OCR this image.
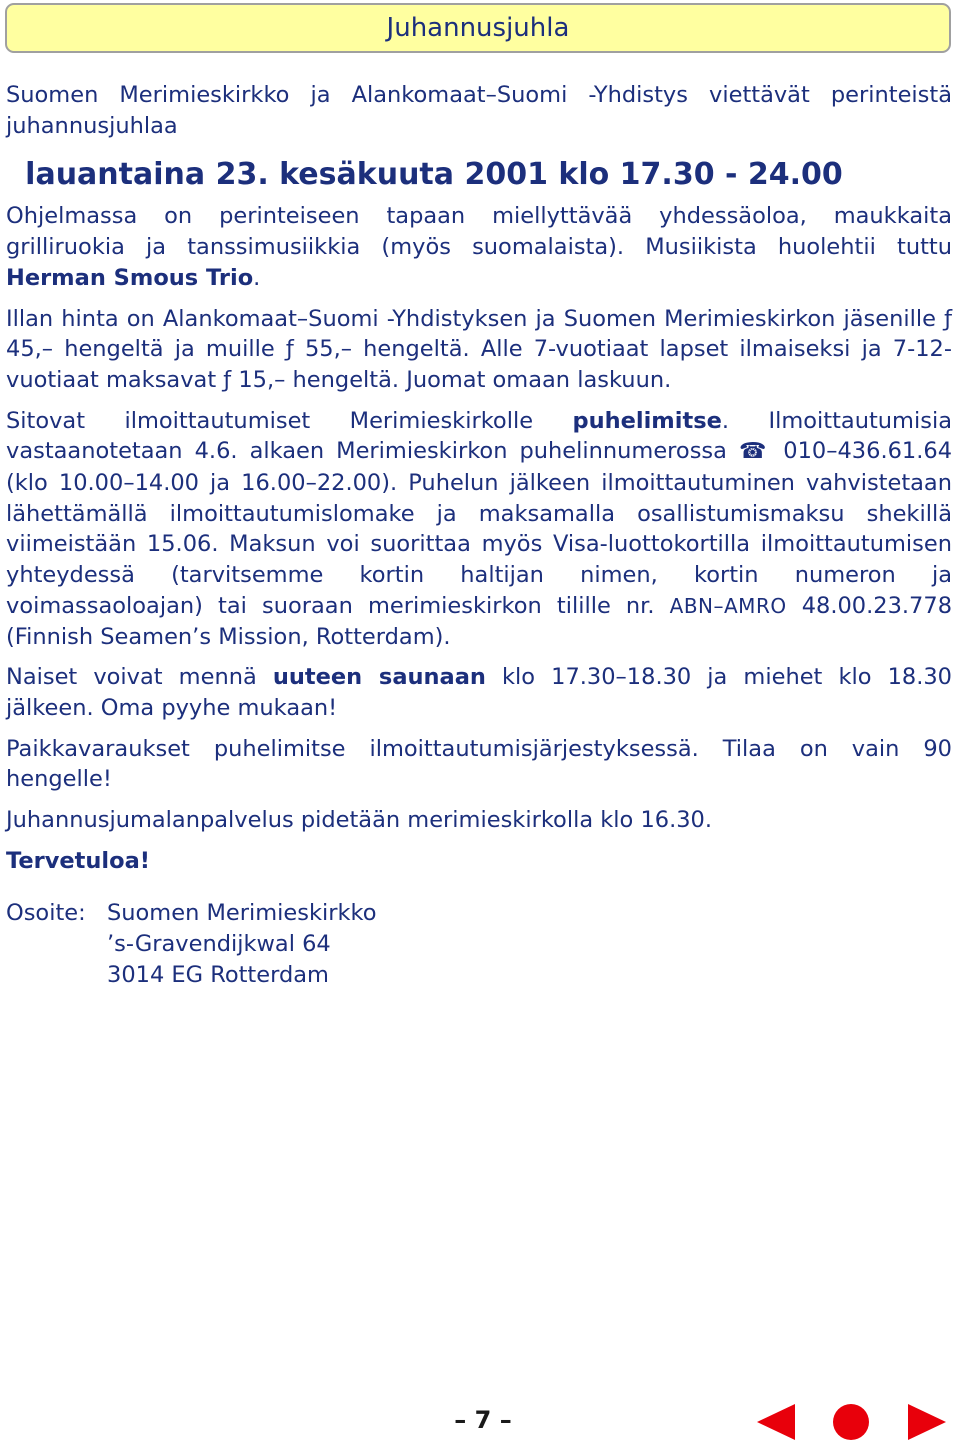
Juhannusjuhla

Suomen Merimieskirkko ja Alankomaat–Suomi -Yhdistys viettävät perinteistä juhannusjuhlaa

lauantaina 23. kesäkuuta 2001 klo 17.30 - 24.00

Ohjelmassa on perinteiseen tapaan miellyttävää yhdessäoloa, maukkaita grilliruokia ja tanssimusiikkia (myös suomalaista). Musiikista huolehtii tuttu Herman Smous Trio.

Illan hinta on Alankomaat–Suomi -Yhdistyksen ja Suomen Merimieskirkon jäsenille ƒ 45,– hengeltä ja muille ƒ 55,– hengeltä. Alle 7-vuotiaat lapset ilmaiseksi ja 7-12-vuotiaat maksavat ƒ 15,– hengeltä. Juomat omaan laskuun.

Sitovat ilmoittautumiset Merimieskirkolle puhelimitse. Ilmoittautumisia vastaanotetaan 4.6. alkaen Merimieskirkon puhelinnumerossa ☎ 010–436.61.64 (klo 10.00–14.00 ja 16.00–22.00). Puhelun jälkeen ilmoittautuminen vahvistetaan lähettämällä ilmoittautumislomake ja maksamalla osallistumismaksu shekillä viimeistään 15.06. Maksun voi suorittaa myös Visa-luottokortilla ilmoittautumisen yhteydessä (tarvitsemme kortin haltijan nimen, kortin numeron ja voimassaoloajan) tai suoraan merimieskirkon tilille nr. ABN–AMRO 48.00.23.778 (Finnish Seamen’s Mission, Rotterdam).

Naiset voivat mennä uuteen saunaan klo 17.30–18.30 ja miehet klo 18.30 jälkeen. Oma pyyhe mukaan!

Paikkavaraukset puhelimitse ilmoittautumisjärjestyksessä. Tilaa on vain 90 hengelle!

Juhannusjumalanpalvelus pidetään merimieskirkolla klo 16.30.

Tervetuloa!

Osoite: Suomen Merimieskirkko
’s-Gravendijkwal 64
3014 EG Rotterdam
– 7 –
